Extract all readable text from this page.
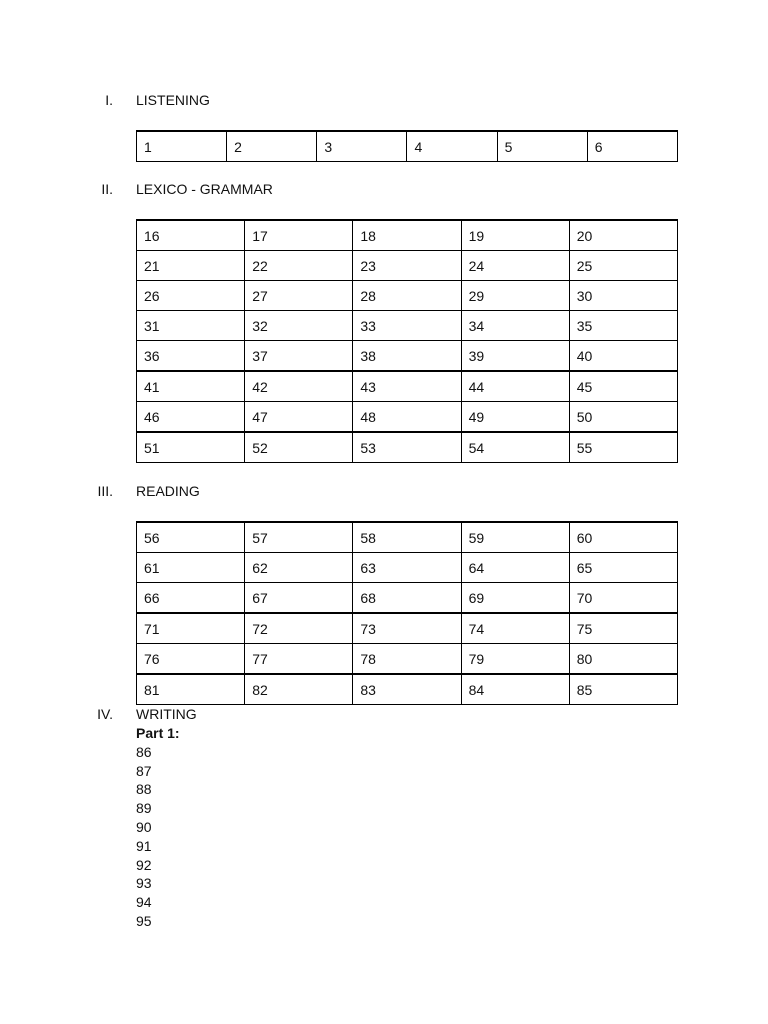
I. LISTENING
1	2	3	4	5	6
II. LEXICO - GRAMMAR
16	17	18	19	20
21	22	23	24	25
26	27	28	29	30
31	32	33	34	35
36	37	38	39	40
41	42	43	44	45
46	47	48	49	50
51	52	53	54	55
III. READING
56	57	58	59	60
61	62	63	64	65
66	67	68	69	70
71	72	73	74	75
76	77	78	79	80
81	82	83	84	85
IV. WRITING
Part 1:
86
87
88
89
90
91
92
93
94
95
